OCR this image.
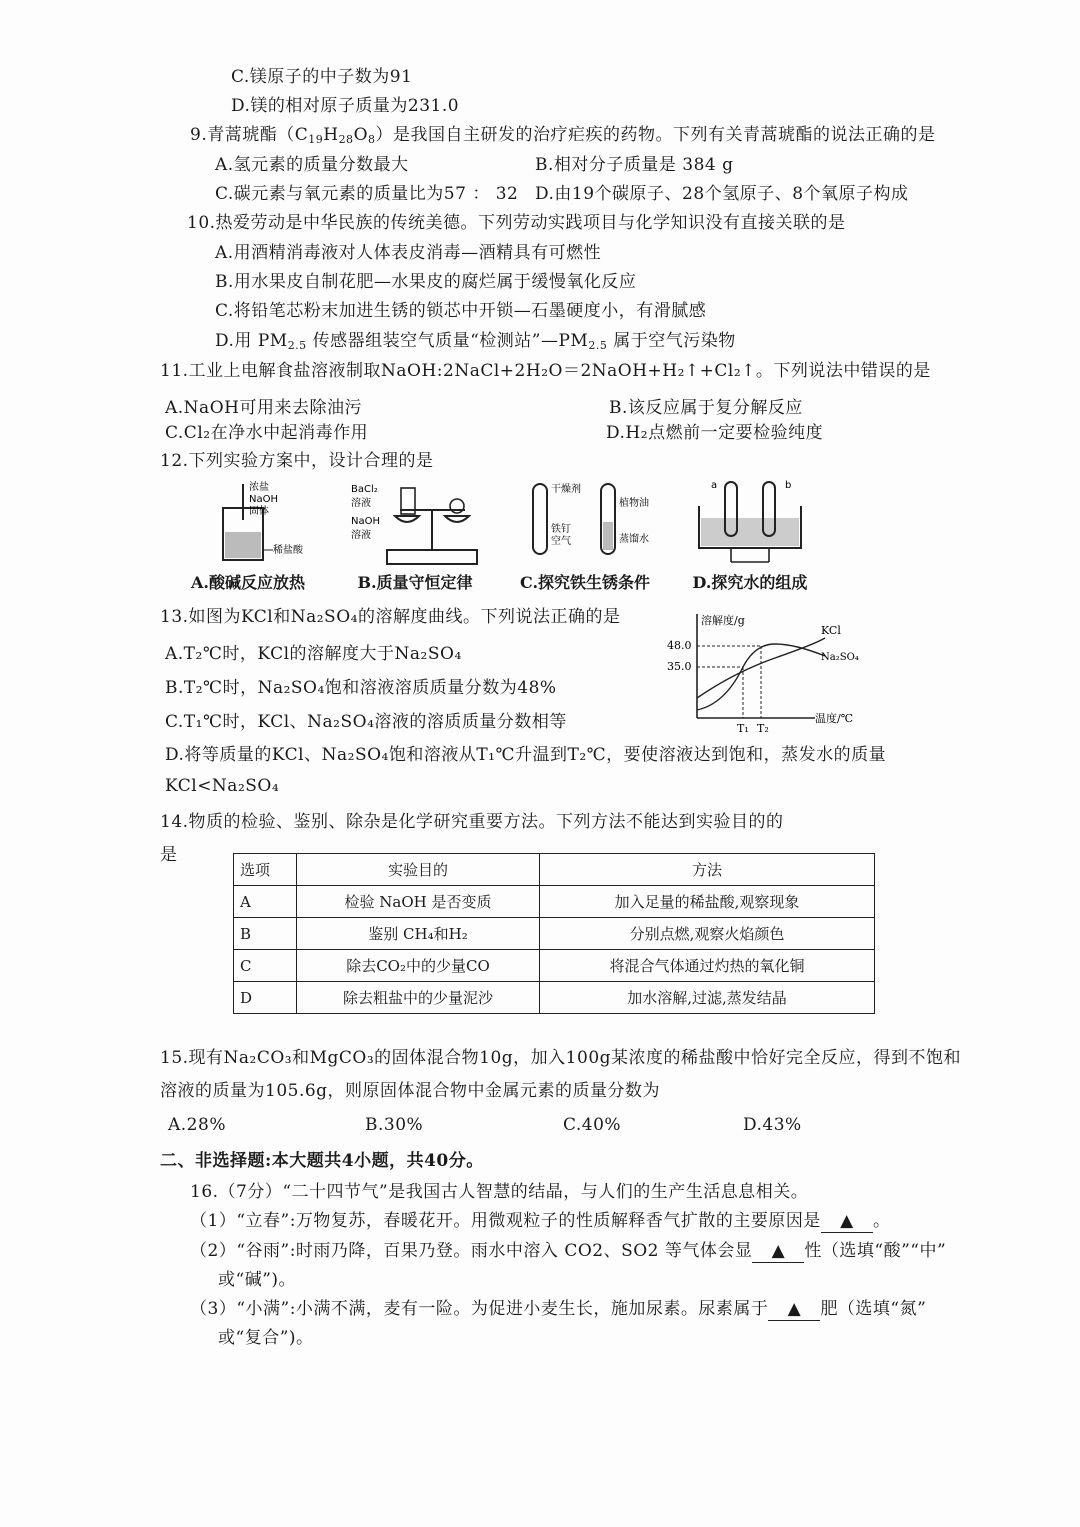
C.镁原子的中子数为91
D.镁的相对原子质量为231.0
9.青蒿琥酯$(C_{19}H_{28}O_8)$是我国自主研发的治疗疟疾的药物。下列有关青蒿琥酯的说法正确的是
A.氢元素的质量分数最大	B.相对分子质量是 384 g
C.碳元素与氧元素的质量比为57 ： 32 D.由19个碳原子、28个氢原子、8个氧原子构成
10.热爱劳动是中华民族的传统美德。下列劳动实践项目与化学知识没有直接关联的是
A.用酒精消毒液对人体表皮消毒—酒精具有可燃性
B.用水果皮自制花肥—水果皮的腐烂属于缓慢氧化反应
C.将铅笔芯粉末加进生锈的锁芯中开锁—石墨硬度小，有滑腻感
D.用 $PM_{2.5}$ 传感器组装空气质量“检测站$”—PM_{2.5}$ 属于空气污染物
11.工业上电解食盐溶液制取NaOH:2NaCl+2H₂O＝2NaOH+H₂↑+Cl₂↑。下列说法中错误的是
A.NaOH可用来去除油污	B.该反应属于复分解反应
C.Cl₂在净水中起消毒作用	D.H₂点燃前一定要检验纯度
12.下列实验方案中，设计合理的是
浓盐
NaOH
固体
稀盐酸
A.酸碱反应放热
BaCl₂
溶液
NaOH
溶液
B.质量守恒定律
干燥剂
植物油
铁钉
空气	蒸馏水
C.探究铁生锈条件
a	b
D.探究水的组成
13.如图为KCl和Na₂SO₄的溶解度曲线。下列说法正确的是
A.T₂℃时，KCl的溶解度大于Na₂SO₄
B.T₂℃时，Na₂SO₄饱和溶液溶质质量分数为48%
C.T₁℃时，KCl、Na₂SO₄溶液的溶质质量分数相等
D.将等质量的KCl、Na₂SO₄饱和溶液从T₁℃升温到T₂℃，要使溶液达到饱和，蒸发水的质量
KCl<Na₂SO₄
溶解度/g
温度/℃
48.0
35.0
KCl
Na₂SO₄
T₁ T₂
14.物质的检验、鉴别、除杂是化学研究重要方法。下列方法不能达到实验目的的
是
选项	实验目的	方法
A	检验 NaOH 是否变质	加入足量的稀盐酸,观察现象
B	鉴别 CH₄和H₂	分别点燃,观察火焰颜色
C	除去CO₂中的少量CO	将混合气体通过灼热的氧化铜
D	除去粗盐中的少量泥沙	加水溶解,过滤,蒸发结晶
15.现有Na₂CO₃和MgCO₃的固体混合物10g，加入100g某浓度的稀盐酸中恰好完全反应，得到不饱和
溶液的质量为105.6g，则原固体混合物中金属元素的质量分数为
A.28%	B.30%	C.40%	D.43%
二、非选择题:本大题共4小题，共40分。
16.（7分）“二十四节气”是我国古人智慧的结晶，与人们的生产生活息息相关。
（1）“立春”:万物复苏，春暖花开。用微观粒子的性质解释香气扩散的主要原因是 ▲ 。
（2）“谷雨”:时雨乃降，百果乃登。雨水中溶入 CO2、SO2 等气体会显 ▲ 性（选填“酸”“中”
或“碱”)。
（3）“小满”:小满不满，麦有一险。为促进小麦生长，施加尿素。尿素属于 ▲ 肥（选填“氮”
或“复合”)。
